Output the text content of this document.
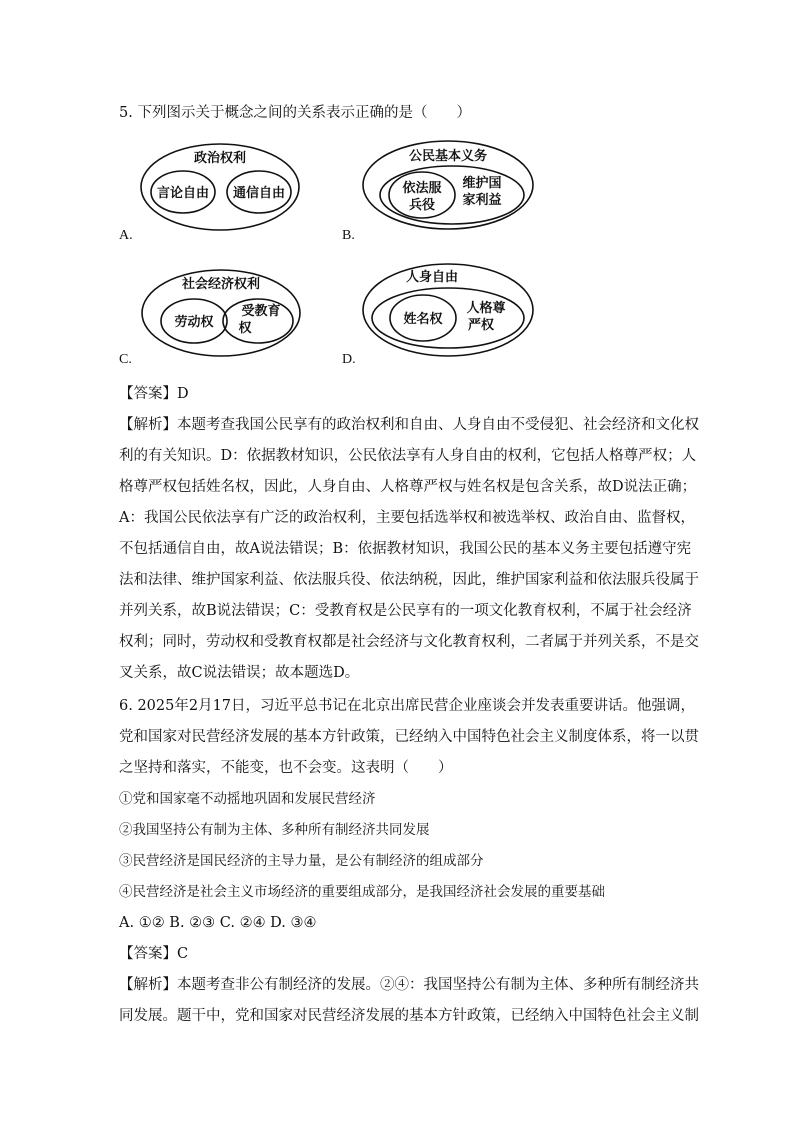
5. 下列图示关于概念之间的关系表示正确的是（　　）
政治权利
言论自由 通信自由
A.
公民基本义务
依法服
兵役
维护国
家利益
B.
社会经济权利
劳动权
受教育
权
C.
人身自由
姓名权
人格尊
严权
D.
【答案】D
【解析】本题考查我国公民享有的政治权利和自由、人身自由不受侵犯、社会经济和文化权
利的有关知识。D：依据教材知识，公民依法享有人身自由的权利，它包括人格尊严权；人
格尊严权包括姓名权，因此，人身自由、人格尊严权与姓名权是包含关系，故D说法正确；
A：我国公民依法享有广泛的政治权利，主要包括选举权和被选举权、政治自由、监督权，
不包括通信自由，故A说法错误；B：依据教材知识，我国公民的基本义务主要包括遵守宪
法和法律、维护国家利益、依法服兵役、依法纳税，因此，维护国家利益和依法服兵役属于
并列关系，故B说法错误；C：受教育权是公民享有的一项文化教育权利，不属于社会经济
权利；同时，劳动权和受教育权都是社会经济与文化教育权利，二者属于并列关系，不是交
叉关系，故C说法错误；故本题选D。
6. 2025年2月17日，习近平总书记在北京出席民营企业座谈会并发表重要讲话。他强调，
党和国家对民营经济发展的基本方针政策，已经纳入中国特色社会主义制度体系，将一以贯
之坚持和落实，不能变，也不会变。这表明（　　）
①党和国家毫不动摇地巩固和发展民营经济
②我国坚持公有制为主体、多种所有制经济共同发展
③民营经济是国民经济的主导力量，是公有制经济的组成部分
④民营经济是社会主义市场经济的重要组成部分，是我国经济社会发展的重要基础
A. ①② B. ②③ C. ②④ D. ③④
【答案】C
【解析】本题考查非公有制经济的发展。②④：我国坚持公有制为主体、多种所有制经济共
同发展。题干中，党和国家对民营经济发展的基本方针政策，已经纳入中国特色社会主义制
